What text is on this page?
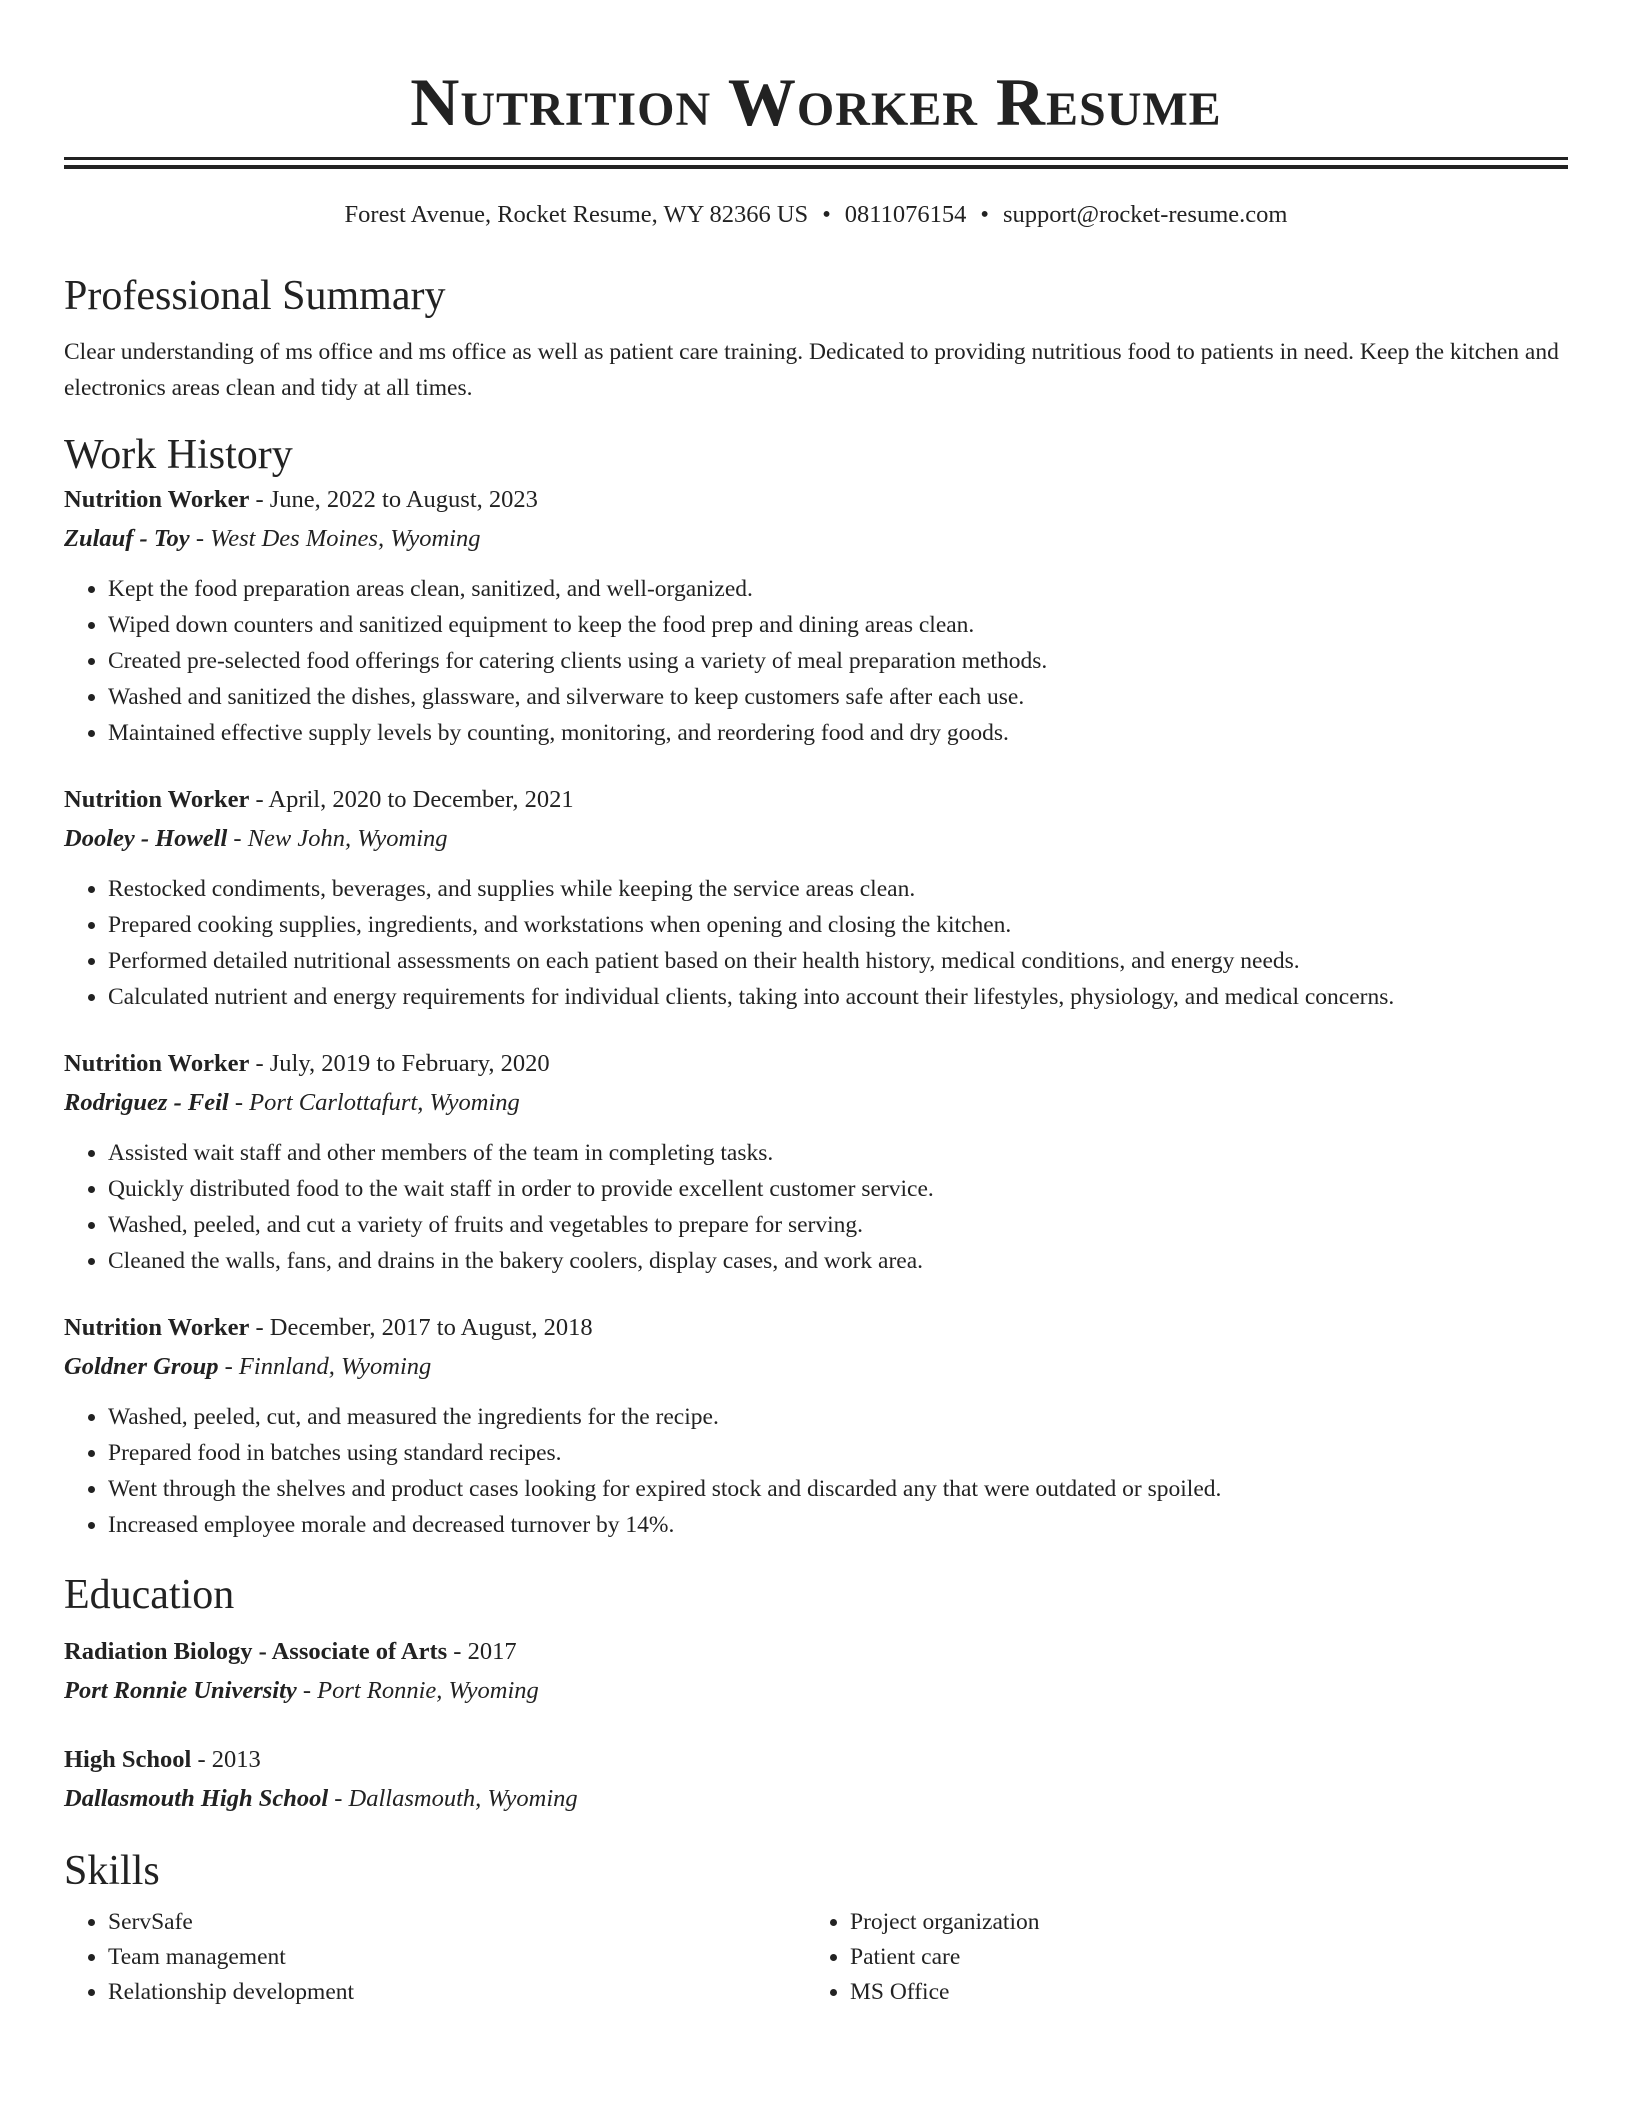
Nutrition Worker Resume
Forest Avenue, Rocket Resume, WY 82366 US • 0811076154 • support@rocket-resume.com
Professional Summary
Clear understanding of ms office and ms office as well as patient care training. Dedicated to providing nutritious food to patients in need. Keep the kitchen and electronics areas clean and tidy at all times.
Work History
Nutrition Worker - June, 2022 to August, 2023
Zulauf - Toy - West Des Moines, Wyoming
• Kept the food preparation areas clean, sanitized, and well-organized.
• Wiped down counters and sanitized equipment to keep the food prep and dining areas clean.
• Created pre-selected food offerings for catering clients using a variety of meal preparation methods.
• Washed and sanitized the dishes, glassware, and silverware to keep customers safe after each use.
• Maintained effective supply levels by counting, monitoring, and reordering food and dry goods.
Nutrition Worker - April, 2020 to December, 2021
Dooley - Howell - New John, Wyoming
• Restocked condiments, beverages, and supplies while keeping the service areas clean.
• Prepared cooking supplies, ingredients, and workstations when opening and closing the kitchen.
• Performed detailed nutritional assessments on each patient based on their health history, medical conditions, and energy needs.
• Calculated nutrient and energy requirements for individual clients, taking into account their lifestyles, physiology, and medical concerns.
Nutrition Worker - July, 2019 to February, 2020
Rodriguez - Feil - Port Carlottafurt, Wyoming
• Assisted wait staff and other members of the team in completing tasks.
• Quickly distributed food to the wait staff in order to provide excellent customer service.
• Washed, peeled, and cut a variety of fruits and vegetables to prepare for serving.
• Cleaned the walls, fans, and drains in the bakery coolers, display cases, and work area.
Nutrition Worker - December, 2017 to August, 2018
Goldner Group - Finnland, Wyoming
• Washed, peeled, cut, and measured the ingredients for the recipe.
• Prepared food in batches using standard recipes.
• Went through the shelves and product cases looking for expired stock and discarded any that were outdated or spoiled.
• Increased employee morale and decreased turnover by 14%.
Education
Radiation Biology - Associate of Arts - 2017
Port Ronnie University - Port Ronnie, Wyoming
High School - 2013
Dallasmouth High School - Dallasmouth, Wyoming
Skills
• ServSafe
• Team management
• Relationship development
• Project organization
• Patient care
• MS Office
